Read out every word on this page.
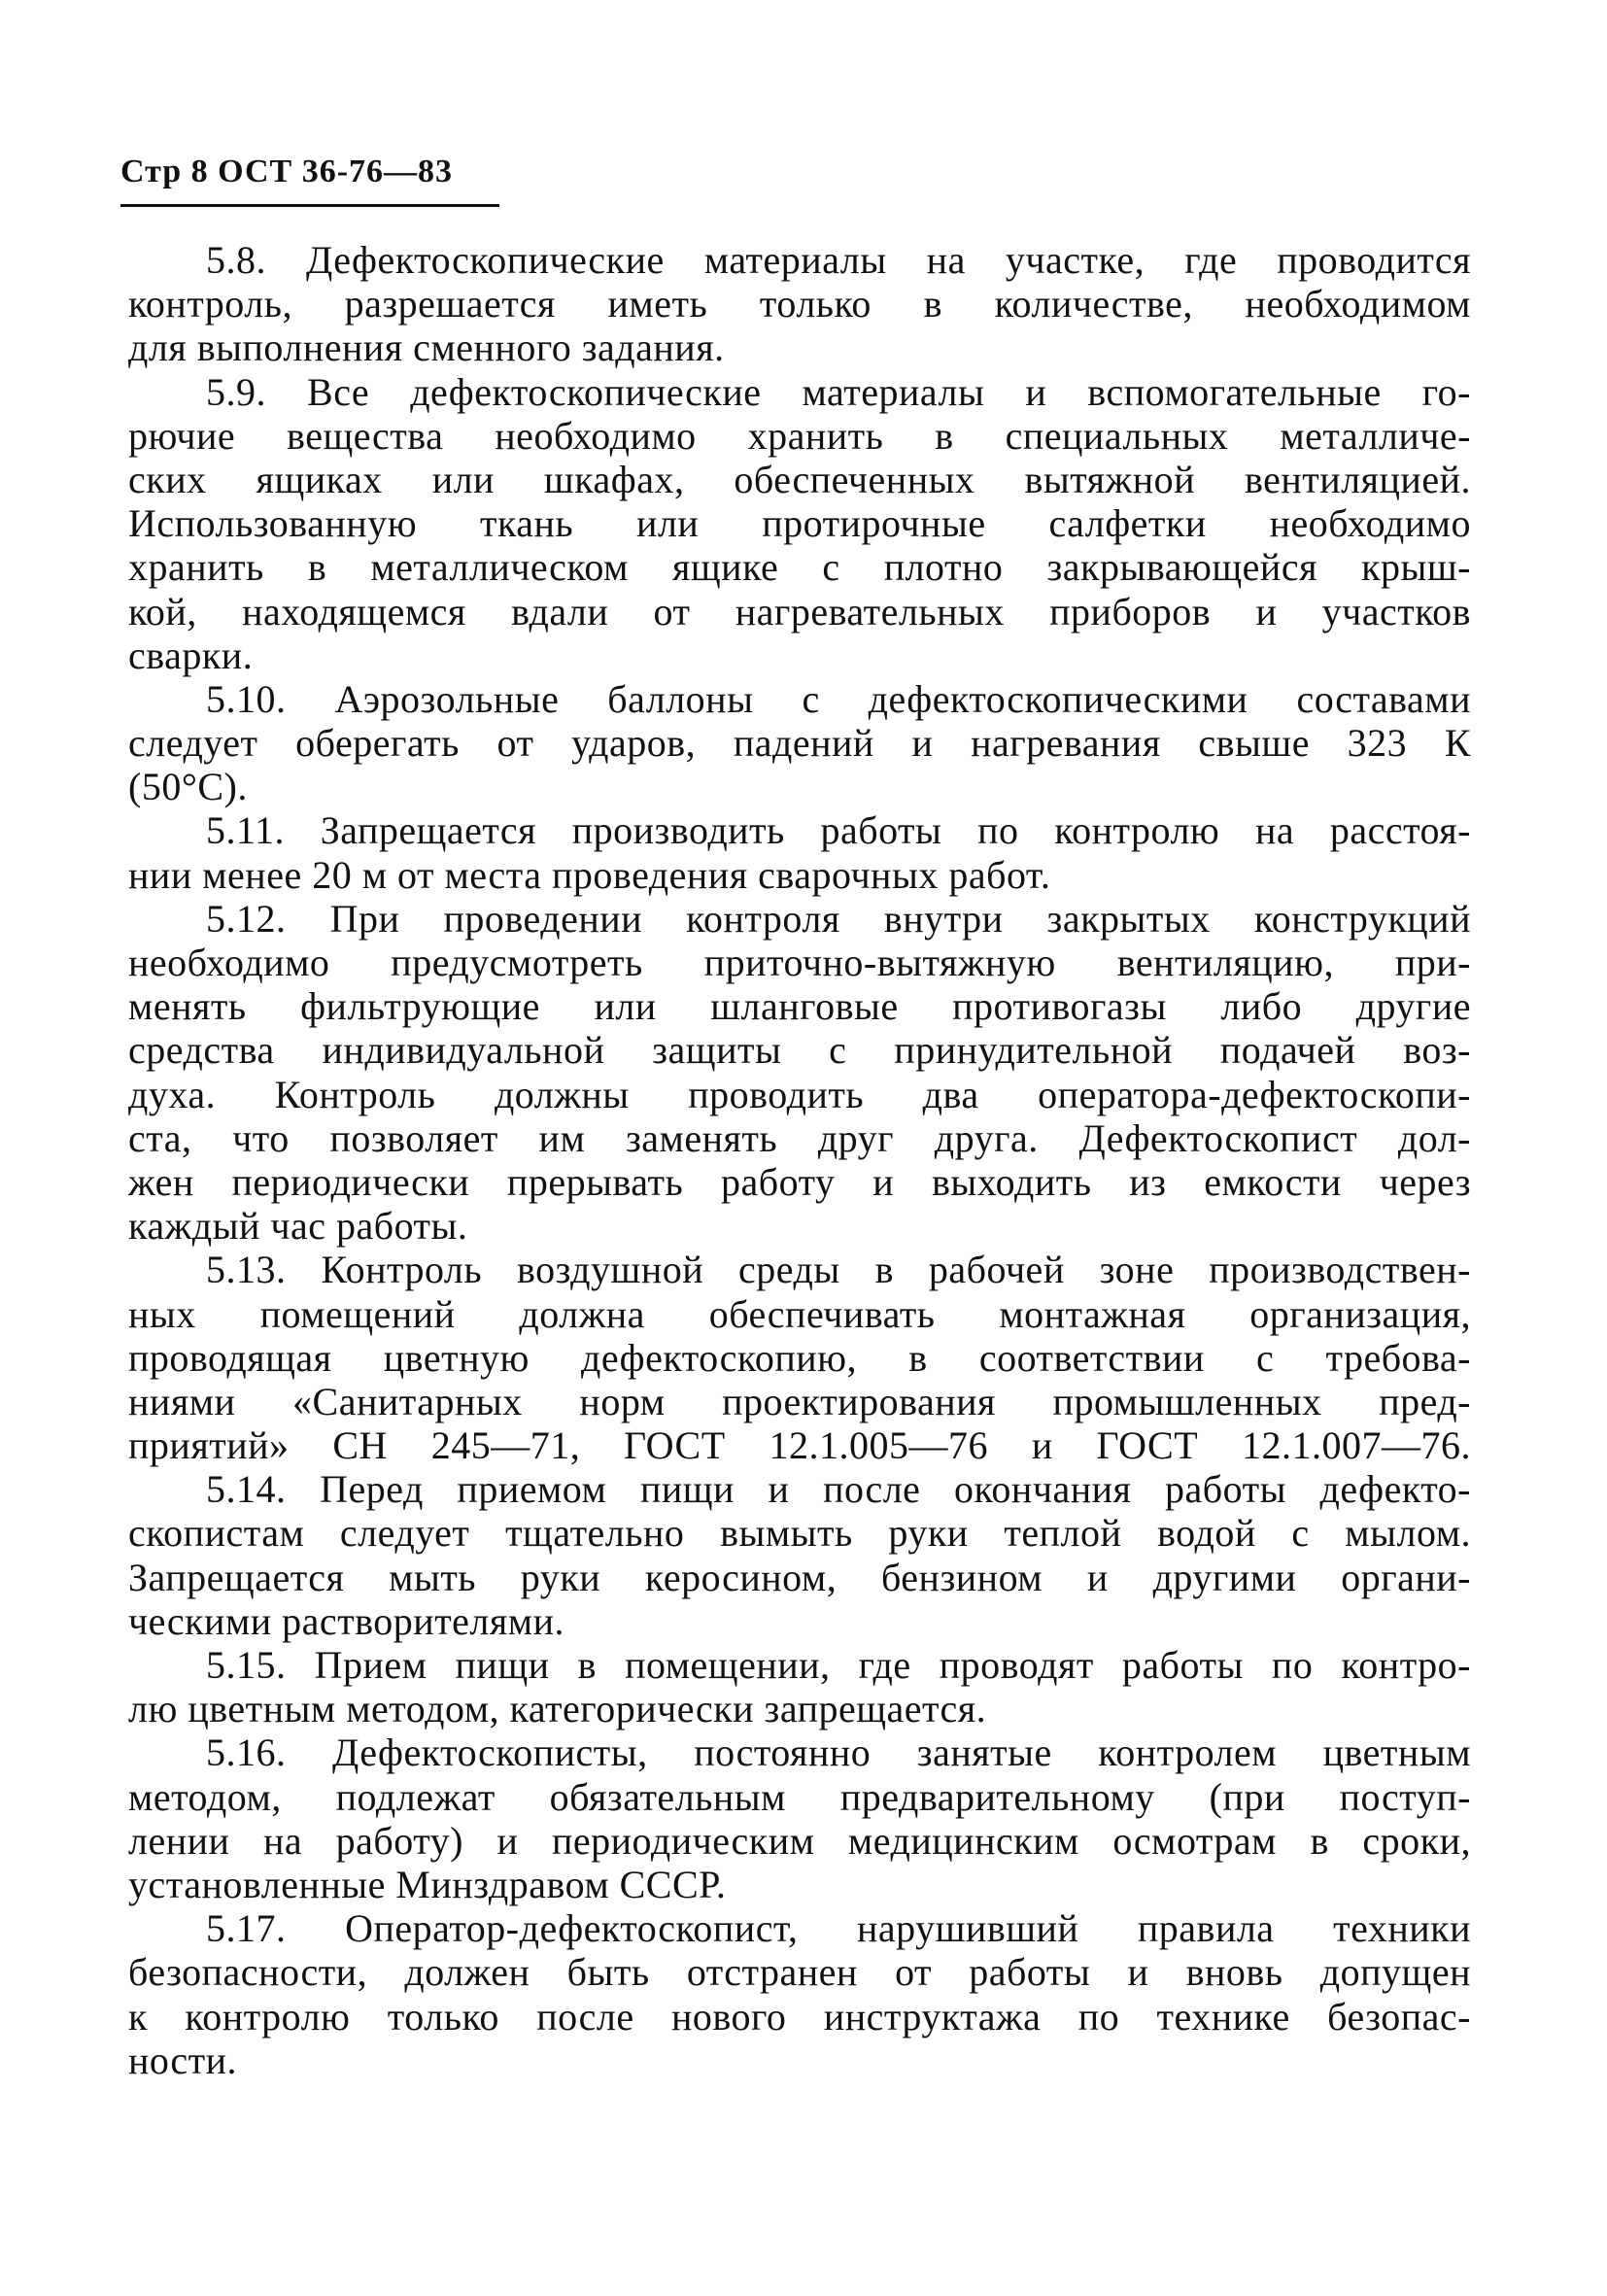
Стр 8 ОСТ 36-76—83

5.8. Дефектоскопические материалы на участке, где проводится
контроль, разрешается иметь только в количестве, необходимом
для выполнения сменного задания.

5.9. Все дефектоскопические материалы и вспомогательные го-
рючие вещества необходимо хранить в специальных металличе-
ских ящиках или шкафах, обеспеченных вытяжной вентиляцией.
Использованную ткань или протирочные салфетки необходимо
хранить в металлическом ящике с плотно закрывающейся крыш-
кой, находящемся вдали от нагревательных приборов и участков
сварки.

5.10. Аэрозольные баллоны с дефектоскопическими составами
следует оберегать от ударов, падений и нагревания свыше 323 К
(50°С).

5.11. Запрещается производить работы по контролю на расстоя-
нии менее 20 м от места проведения сварочных работ.

5.12. При проведении контроля внутри закрытых конструкций
необходимо предусмотреть приточно-вытяжную вентиляцию, при-
менять фильтрующие или шланговые противогазы либо другие
средства индивидуальной защиты с принудительной подачей воз-
духа. Контроль должны проводить два оператора-дефектоскопи-
ста, что позволяет им заменять друг друга. Дефектоскопист дол-
жен периодически прерывать работу и выходить из емкости через
каждый час работы.

5.13. Контроль воздушной среды в рабочей зоне производствен-
ных помещений должна обеспечивать монтажная организация,
проводящая цветную дефектоскопию, в соответствии с требова-
ниями «Санитарных норм проектирования промышленных пред-
приятий» СН 245—71, ГОСТ 12.1.005—76 и ГОСТ 12.1.007—76.

5.14. Перед приемом пищи и после окончания работы дефекто-
скопистам следует тщательно вымыть руки теплой водой с мылом.
Запрещается мыть руки керосином, бензином и другими органи-
ческими растворителями.

5.15. Прием пищи в помещении, где проводят работы по контро-
лю цветным методом, категорически запрещается.

5.16. Дефектоскописты, постоянно занятые контролем цветным
методом, подлежат обязательным предварительному (при поступ-
лении на работу) и периодическим медицинским осмотрам в сроки,
установленные Минздравом СССР.

5.17. Оператор-дефектоскопист, нарушивший правила техники
безопасности, должен быть отстранен от работы и вновь допущен
к контролю только после нового инструктажа по технике безопас-
ности.
